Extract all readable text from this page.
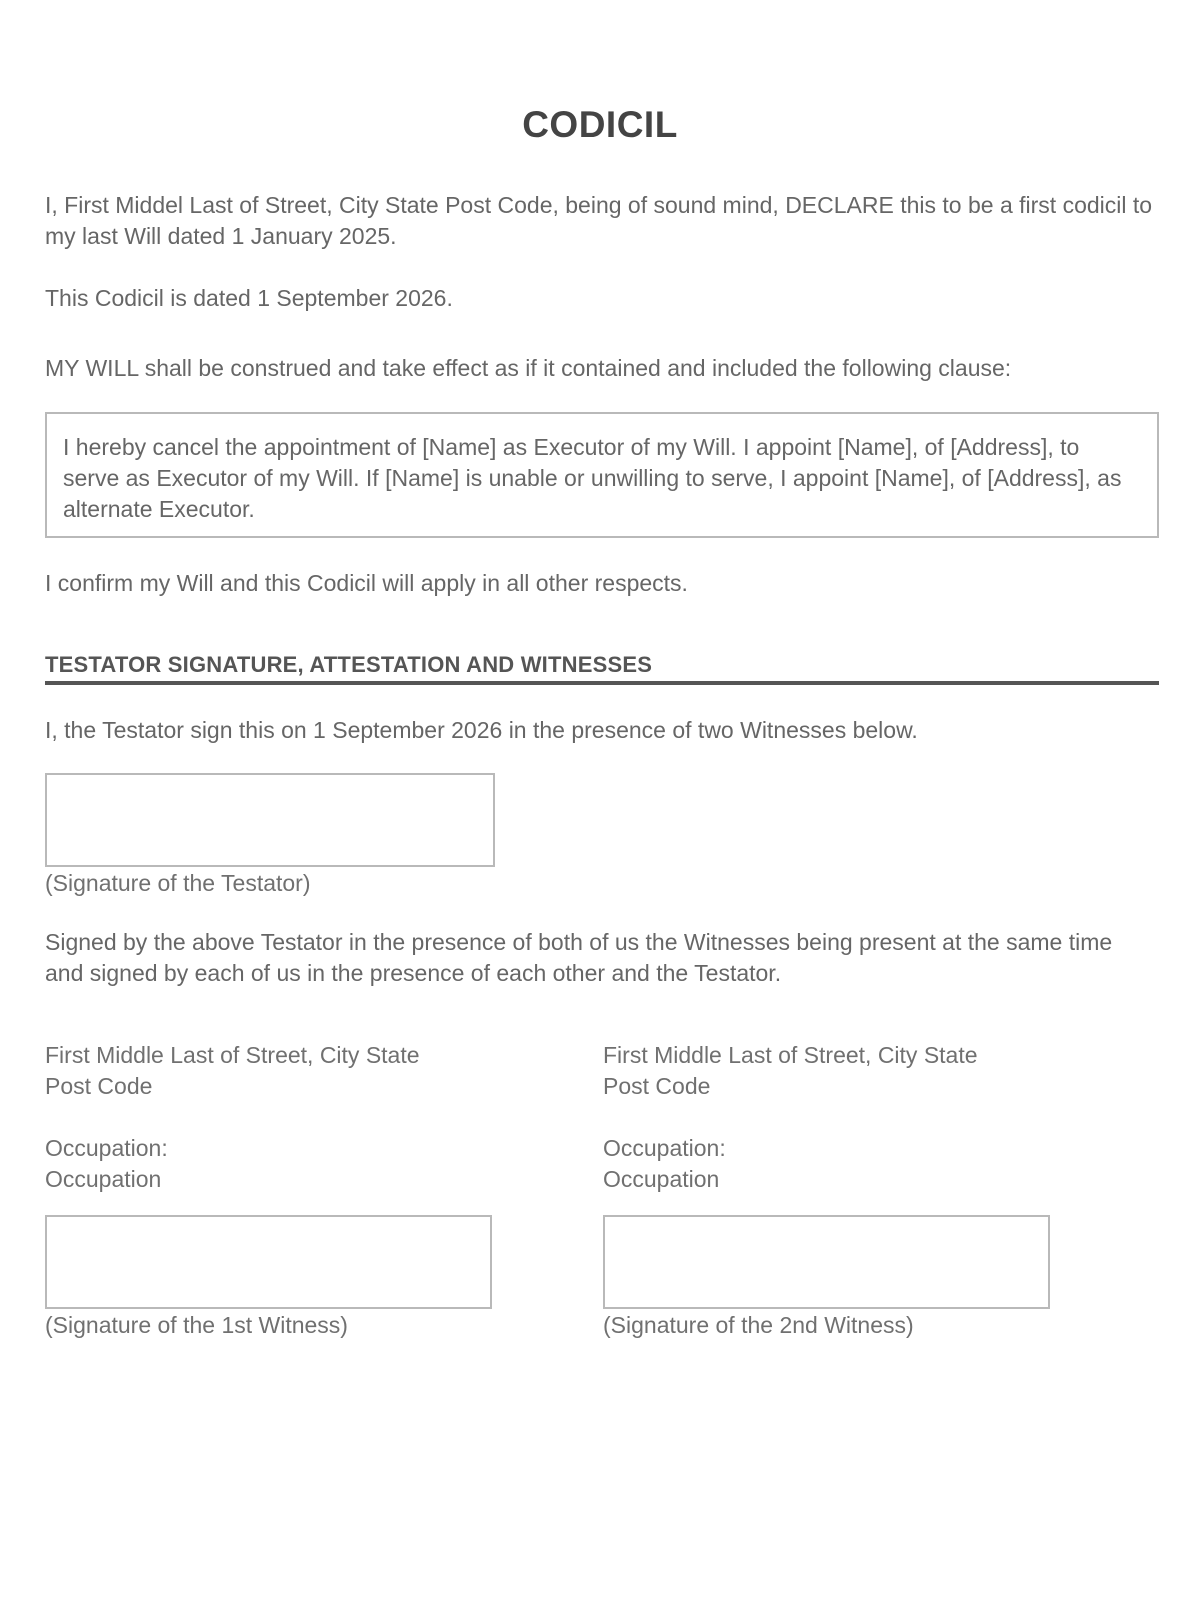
CODICIL

I, First Middel Last of Street, City State Post Code, being of sound mind, DECLARE this to be a first codicil to my last Will dated 1 January 2025.

This Codicil is dated 1 September 2026.

MY WILL shall be construed and take effect as if it contained and included the following clause:

I hereby cancel the appointment of [Name] as Executor of my Will. I appoint [Name], of [Address], to serve as Executor of my Will. If [Name] is unable or unwilling to serve, I appoint [Name], of [Address], as alternate Executor.

I confirm my Will and this Codicil will apply in all other respects.

TESTATOR SIGNATURE, ATTESTATION AND WITNESSES

I, the Testator sign this on 1 September 2026 in the presence of two Witnesses below.

(Signature of the Testator)

Signed by the above Testator in the presence of both of us the Witnesses being present at the same time and signed by each of us in the presence of each other and the Testator.

First Middle Last of Street, City State
Post Code
Occupation:
Occupation
(Signature of the 1st Witness)
First Middle Last of Street, City State
Post Code
Occupation:
Occupation
(Signature of the 2nd Witness)
